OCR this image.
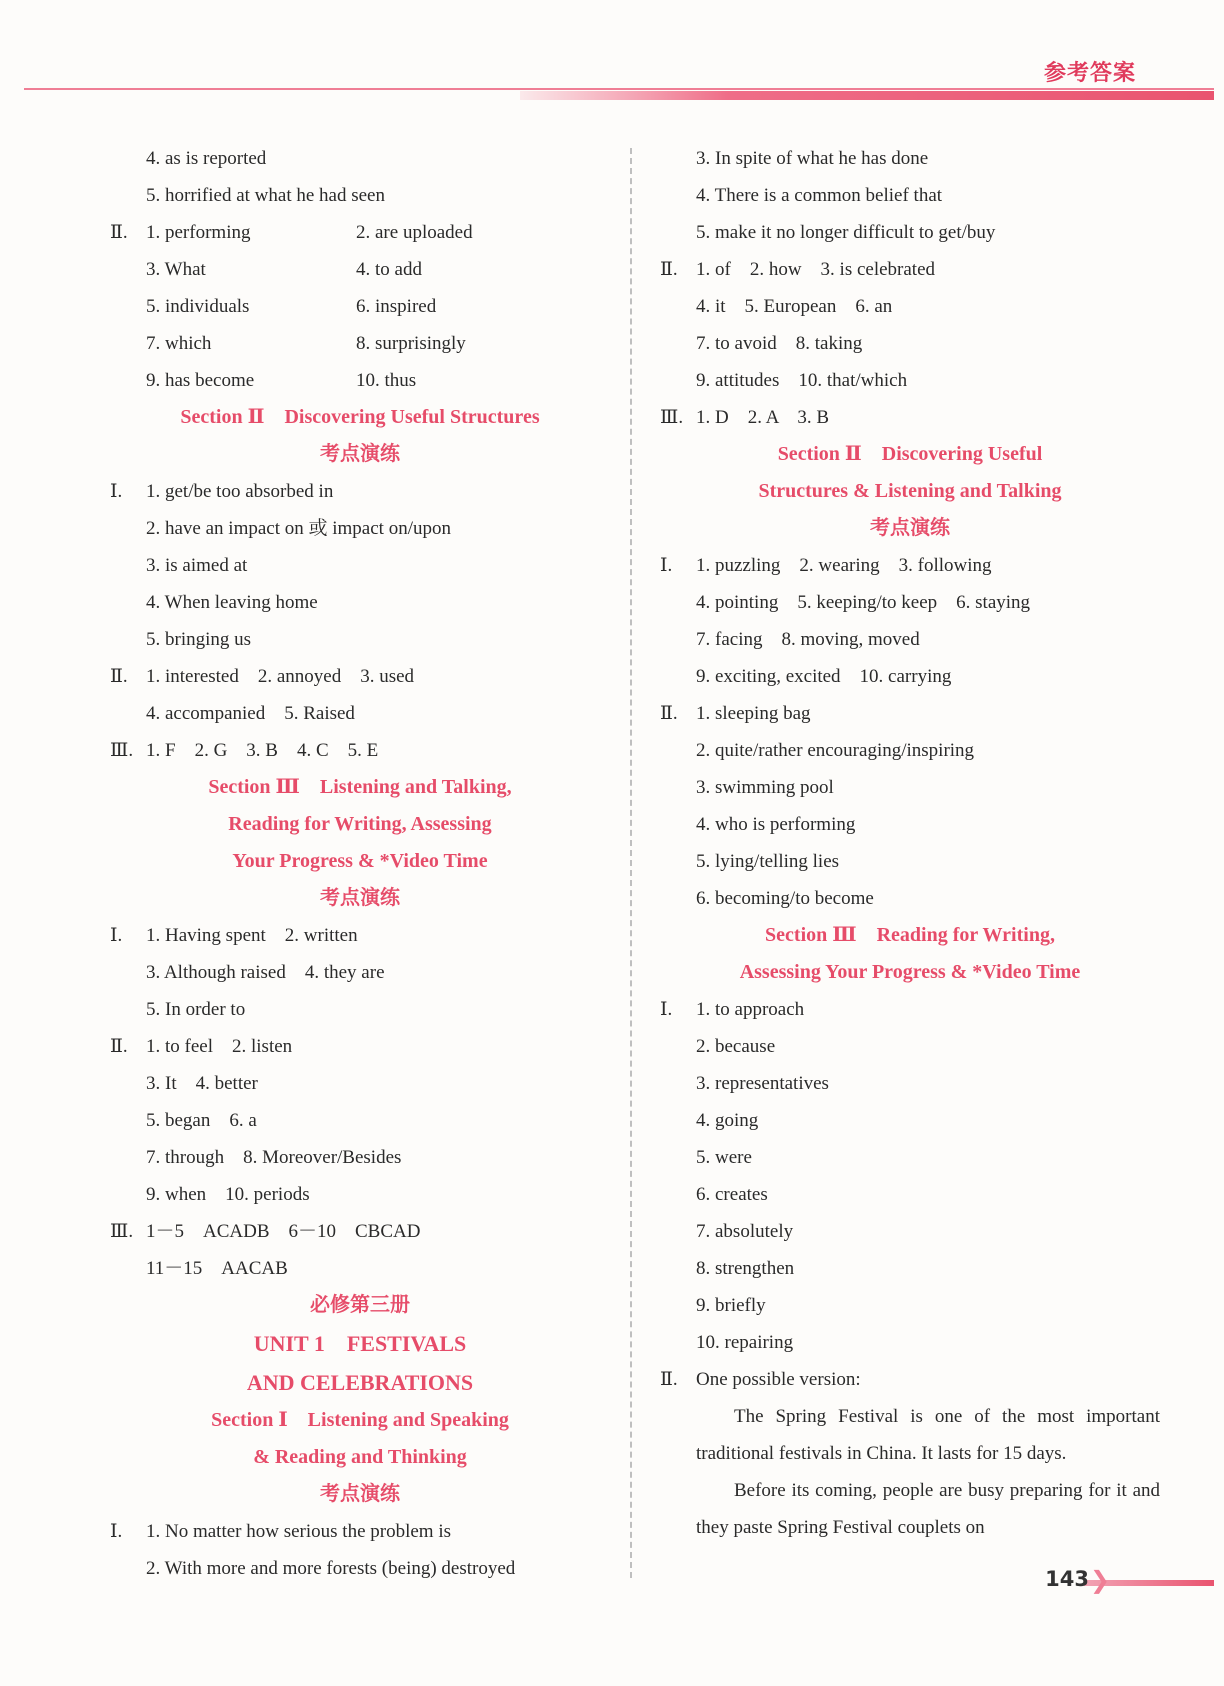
参考答案
4. as is reported
5. horrified at what he had seen
Ⅱ. 1. performing	2. are uploaded
3. What	4. to add
5. individuals	6. inspired
7. which	8. surprisingly
9. has become	10. thus
Section Ⅱ　Discovering Useful Structures
考点演练
Ⅰ. 1. get/be too absorbed in
2. have an impact on 或 impact on/upon
3. is aimed at
4. When leaving home
5. bringing us
Ⅱ. 1. interested　2. annoyed　3. used
4. accompanied　5. Raised
Ⅲ. 1. F　2. G　3. B　4. C　5. E
Section Ⅲ　Listening and Talking,
Reading for Writing, Assessing
Your Progress & *Video Time
考点演练
Ⅰ. 1. Having spent　2. written
3. Although raised　4. they are
5. In order to
Ⅱ. 1. to feel　2. listen
3. It　4. better
5. began　6. a
7. through　8. Moreover/Besides
9. when　10. periods
Ⅲ. 1－5　ACADB　6－10　CBCAD
11－15　AACAB
必修第三册
UNIT 1　FESTIVALS
AND CELEBRATIONS
Section Ⅰ　Listening and Speaking
& Reading and Thinking
考点演练
Ⅰ. 1. No matter how serious the problem is
2. With more and more forests (being) destroyed
3. In spite of what he has done
4. There is a common belief that
5. make it no longer difficult to get/buy
Ⅱ. 1. of　2. how　3. is celebrated
4. it　5. European　6. an
7. to avoid　8. taking
9. attitudes　10. that/which
Ⅲ. 1. D　2. A　3. B
Section Ⅱ　Discovering Useful
Structures & Listening and Talking
考点演练
Ⅰ. 1. puzzling　2. wearing　3. following
4. pointing　5. keeping/to keep　6. staying
7. facing　8. moving, moved
9. exciting, excited　10. carrying
Ⅱ. 1. sleeping bag
2. quite/rather encouraging/inspiring
3. swimming pool
4. who is performing
5. lying/telling lies
6. becoming/to become
Section Ⅲ　Reading for Writing,
Assessing Your Progress & *Video Time
Ⅰ. 1. to approach
2. because
3. representatives
4. going
5. were
6. creates
7. absolutely
8. strengthen
9. briefly
10. repairing
Ⅱ. One possible version:

The Spring Festival is one of the most important traditional festivals in China. It lasts for 15 days.

Before its coming, people are busy preparing for it and they paste Spring Festival couplets on

❯
143
